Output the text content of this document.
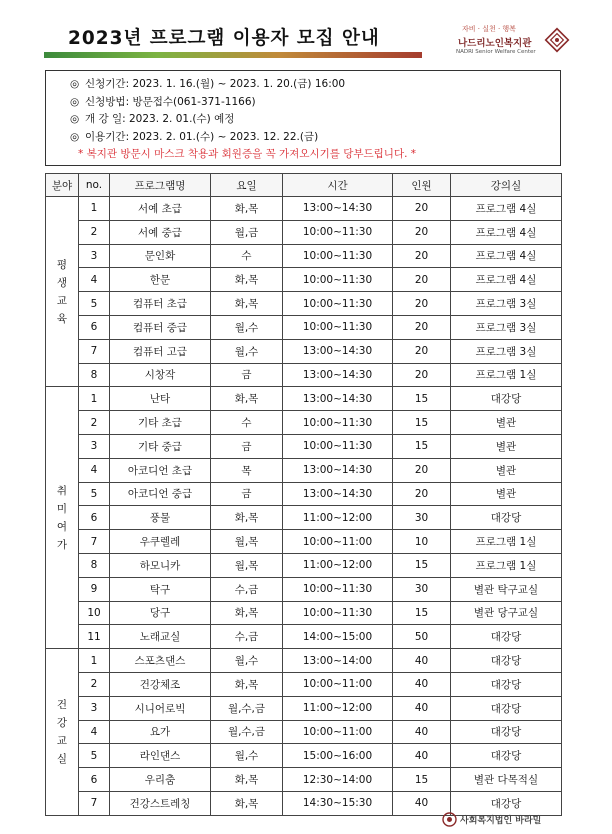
2023년 프로그램 이용자 모집 안내	자비 · 실천 · 행복
나드리노인복지관
NADRI Senior Welfare Center
◎ 신청기간: 2023. 1. 16.(월) ~ 2023. 1. 20.(금) 16:00
◎ 신청방법: 방문접수(061-371-1166)
◎ 개 강 일: 2023. 2. 01.(수) 예정
◎ 이용기간: 2023. 2. 01.(수) ~ 2023. 12. 22.(금)
* 복지관 방문시 마스크 착용과 회원증을 꼭 가져오시기를 당부드립니다. *
분야	no.	프로그램명	요일	시간	인원	강의실
평생교육	1	서예 초급	화,목	13:00~14:30	20	프로그램 4실
	2	서예 중급	월,금	10:00~11:30	20	프로그램 4실
	3	문인화	수	10:00~11:30	20	프로그램 4실
	4	한문	화,목	10:00~11:30	20	프로그램 4실
	5	컴퓨터 초급	화,목	10:00~11:30	20	프로그램 3실
	6	컴퓨터 중급	월,수	10:00~11:30	20	프로그램 3실
	7	컴퓨터 고급	월,수	13:00~14:30	20	프로그램 3실
	8	시창작	금	13:00~14:30	20	프로그램 1실
취미여가	1	난타	화,목	13:00~14:30	15	대강당
	2	기타 초급	수	10:00~11:30	15	별관
	3	기타 중급	금	10:00~11:30	15	별관
	4	아코디언 초급	목	13:00~14:30	20	별관
	5	아코디언 중급	금	13:00~14:30	20	별관
	6	풍물	화,목	11:00~12:00	30	대강당
	7	우쿠렐레	월,목	10:00~11:00	10	프로그램 1실
	8	하모니카	월,목	11:00~12:00	15	프로그램 1실
	9	탁구	수,금	10:00~11:30	30	별관 탁구교실
	10	당구	화,목	10:00~11:30	15	별관 당구교실
	11	노래교실	수,금	14:00~15:00	50	대강당
건강교실	1	스포츠댄스	월,수	13:00~14:00	40	대강당
	2	건강체조	화,목	10:00~11:00	40	대강당
	3	시니어로빅	월,수,금	11:00~12:00	40	대강당
	4	요가	월,수,금	10:00~11:00	40	대강당
	5	라인댄스	월,수	15:00~16:00	40	대강당
	6	우리춤	화,목	12:30~14:00	15	별관 다목적실
	7	건강스트레칭	화,목	14:30~15:30	40	대강당
사회복지법인 바라밀
